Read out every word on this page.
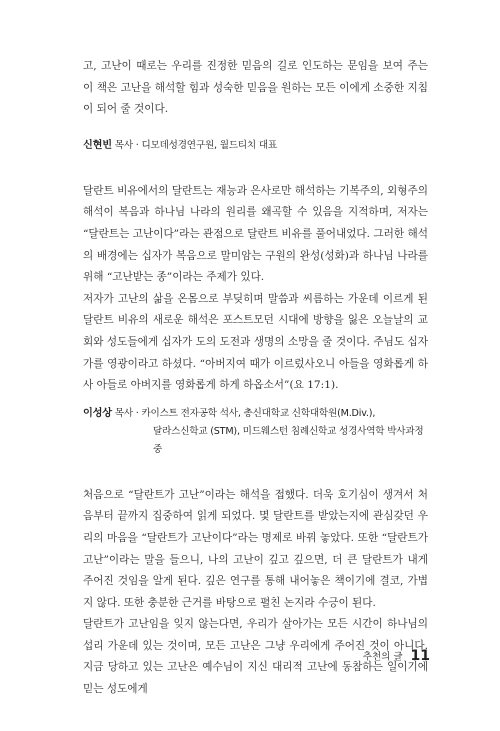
고, 고난이 때로는 우리를 진정한 믿음의 길로 인도하는 문임을 보여 주는 이 책은 고난을 해석할 힘과 성숙한 믿음을 원하는 모든 이에게 소중한 지침이 되어 줄 것이다.

신현빈 목사 · 디모데성경연구원, 월드티치 대표

달란트 비유에서의 달란트는 재능과 은사로만 해석하는 기복주의, 외형주의 해석이 복음과 하나님 나라의 원리를 왜곡할 수 있음을 지적하며, 저자는 “달란트는 고난이다”라는 관점으로 달란트 비유를 풀어내었다. 그러한 해석의 배경에는 십자가 복음으로 말미암는 구원의 완성(성화)과 하나님 나라를 위해 “고난받는 종”이라는 주제가 있다.

저자가 고난의 삶을 온몸으로 부딪히며 말씀과 씨름하는 가운데 이르게 된 달란트 비유의 새로운 해석은 포스트모던 시대에 방향을 잃은 오늘날의 교회와 성도들에게 십자가 도의 도전과 생명의 소망을 줄 것이다. 주님도 십자가를 영광이라고 하셨다. “아버지여 때가 이르렀사오니 아들을 영화롭게 하사 아들로 아버지를 영화롭게 하게 하옵소서”(요 17:1).

이성상 목사 · 카이스트 전자공학 석사, 총신대학교 신학대학원(M.Div.),
달라스신학교 (STM), 미드웨스턴 침례신학교 성경사역학 박사과정 중

처음으로 “달란트가 고난”이라는 해석을 접했다. 더욱 호기심이 생겨서 처음부터 끝까지 집중하여 읽게 되었다. 몇 달란트를 받았는지에 관심갖던 우리의 마음을 “달란트가 고난이다”라는 명제로 바꿔 놓았다. 또한 “달란트가 고난”이라는 말을 들으니, 나의 고난이 깊고 깊으면, 더 큰 달란트가 내게 주어진 것임을 알게 된다. 깊은 연구를 통해 내어놓은 책이기에 결코, 가볍지 않다. 또한 충분한 근거를 바탕으로 펼친 논지라 수긍이 된다.

달란트가 고난임을 잊지 않는다면, 우리가 살아가는 모든 시간이 하나님의 섭리 가운데 있는 것이며, 모든 고난은 그냥 우리에게 주어진 것이 아니다. 지금 당하고 있는 고난은 예수님이 지신 대리적 고난에 동참하는 일이기에 믿는 성도에게

추천의 글 11
